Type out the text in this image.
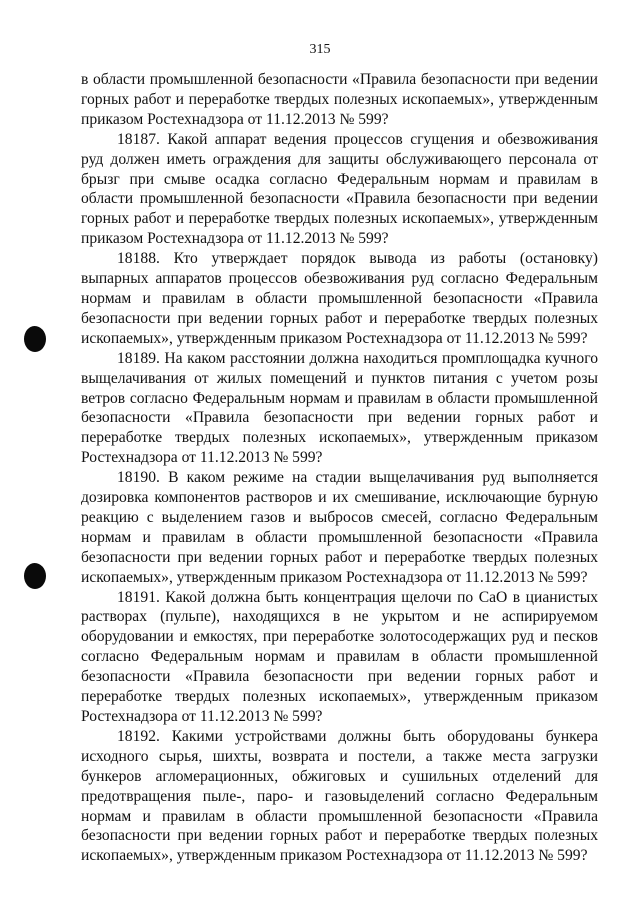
315

в области промышленной безопасности «Правила безопасности при ведении горных работ и переработке твердых полезных ископаемых», утвержденным приказом Ростехнадзора от 11.12.2013 № 599?

18187. Какой аппарат ведения процессов сгущения и обезвоживания руд должен иметь ограждения для защиты обслуживающего персонала от брызг при смыве осадка согласно Федеральным нормам и правилам в области промышленной безопасности «Правила безопасности при ведении горных работ и переработке твердых полезных ископаемых», утвержденным приказом Ростехнадзора от 11.12.2013 № 599?

18188. Кто утверждает порядок вывода из работы (остановку) выпарных аппаратов процессов обезвоживания руд согласно Федеральным нормам и правилам в области промышленной безопасности «Правила безопасности при ведении горных работ и переработке твердых полезных ископаемых», утвержденным приказом Ростехнадзора от 11.12.2013 № 599?

18189. На каком расстоянии должна находиться промплощадка кучного выщелачивания от жилых помещений и пунктов питания с учетом розы ветров согласно Федеральным нормам и правилам в области промышленной безопасности «Правила безопасности при ведении горных работ и переработке твердых полезных ископаемых», утвержденным приказом Ростехнадзора от 11.12.2013 № 599?

18190. В каком режиме на стадии выщелачивания руд выполняется дозировка компонентов растворов и их смешивание, исключающие бурную реакцию с выделением газов и выбросов смесей, согласно Федеральным нормам и правилам в области промышленной безопасности «Правила безопасности при ведении горных работ и переработке твердых полезных ископаемых», утвержденным приказом Ростехнадзора от 11.12.2013 № 599?

18191. Какой должна быть концентрация щелочи по CaO в цианистых растворах (пульпе), находящихся в не укрытом и не аспирируемом оборудовании и емкостях, при переработке золотосодержащих руд и песков согласно Федеральным нормам и правилам в области промышленной безопасности «Правила безопасности при ведении горных работ и переработке твердых полезных ископаемых», утвержденным приказом Ростехнадзора от 11.12.2013 № 599?

18192. Какими устройствами должны быть оборудованы бункера исходного сырья, шихты, возврата и постели, а также места загрузки бункеров агломерационных, обжиговых и сушильных отделений для предотвращения пыле-, паро- и газовыделений согласно Федеральным нормам и правилам в области промышленной безопасности «Правила безопасности при ведении горных работ и переработке твердых полезных ископаемых», утвержденным приказом Ростехнадзора от 11.12.2013 № 599?
